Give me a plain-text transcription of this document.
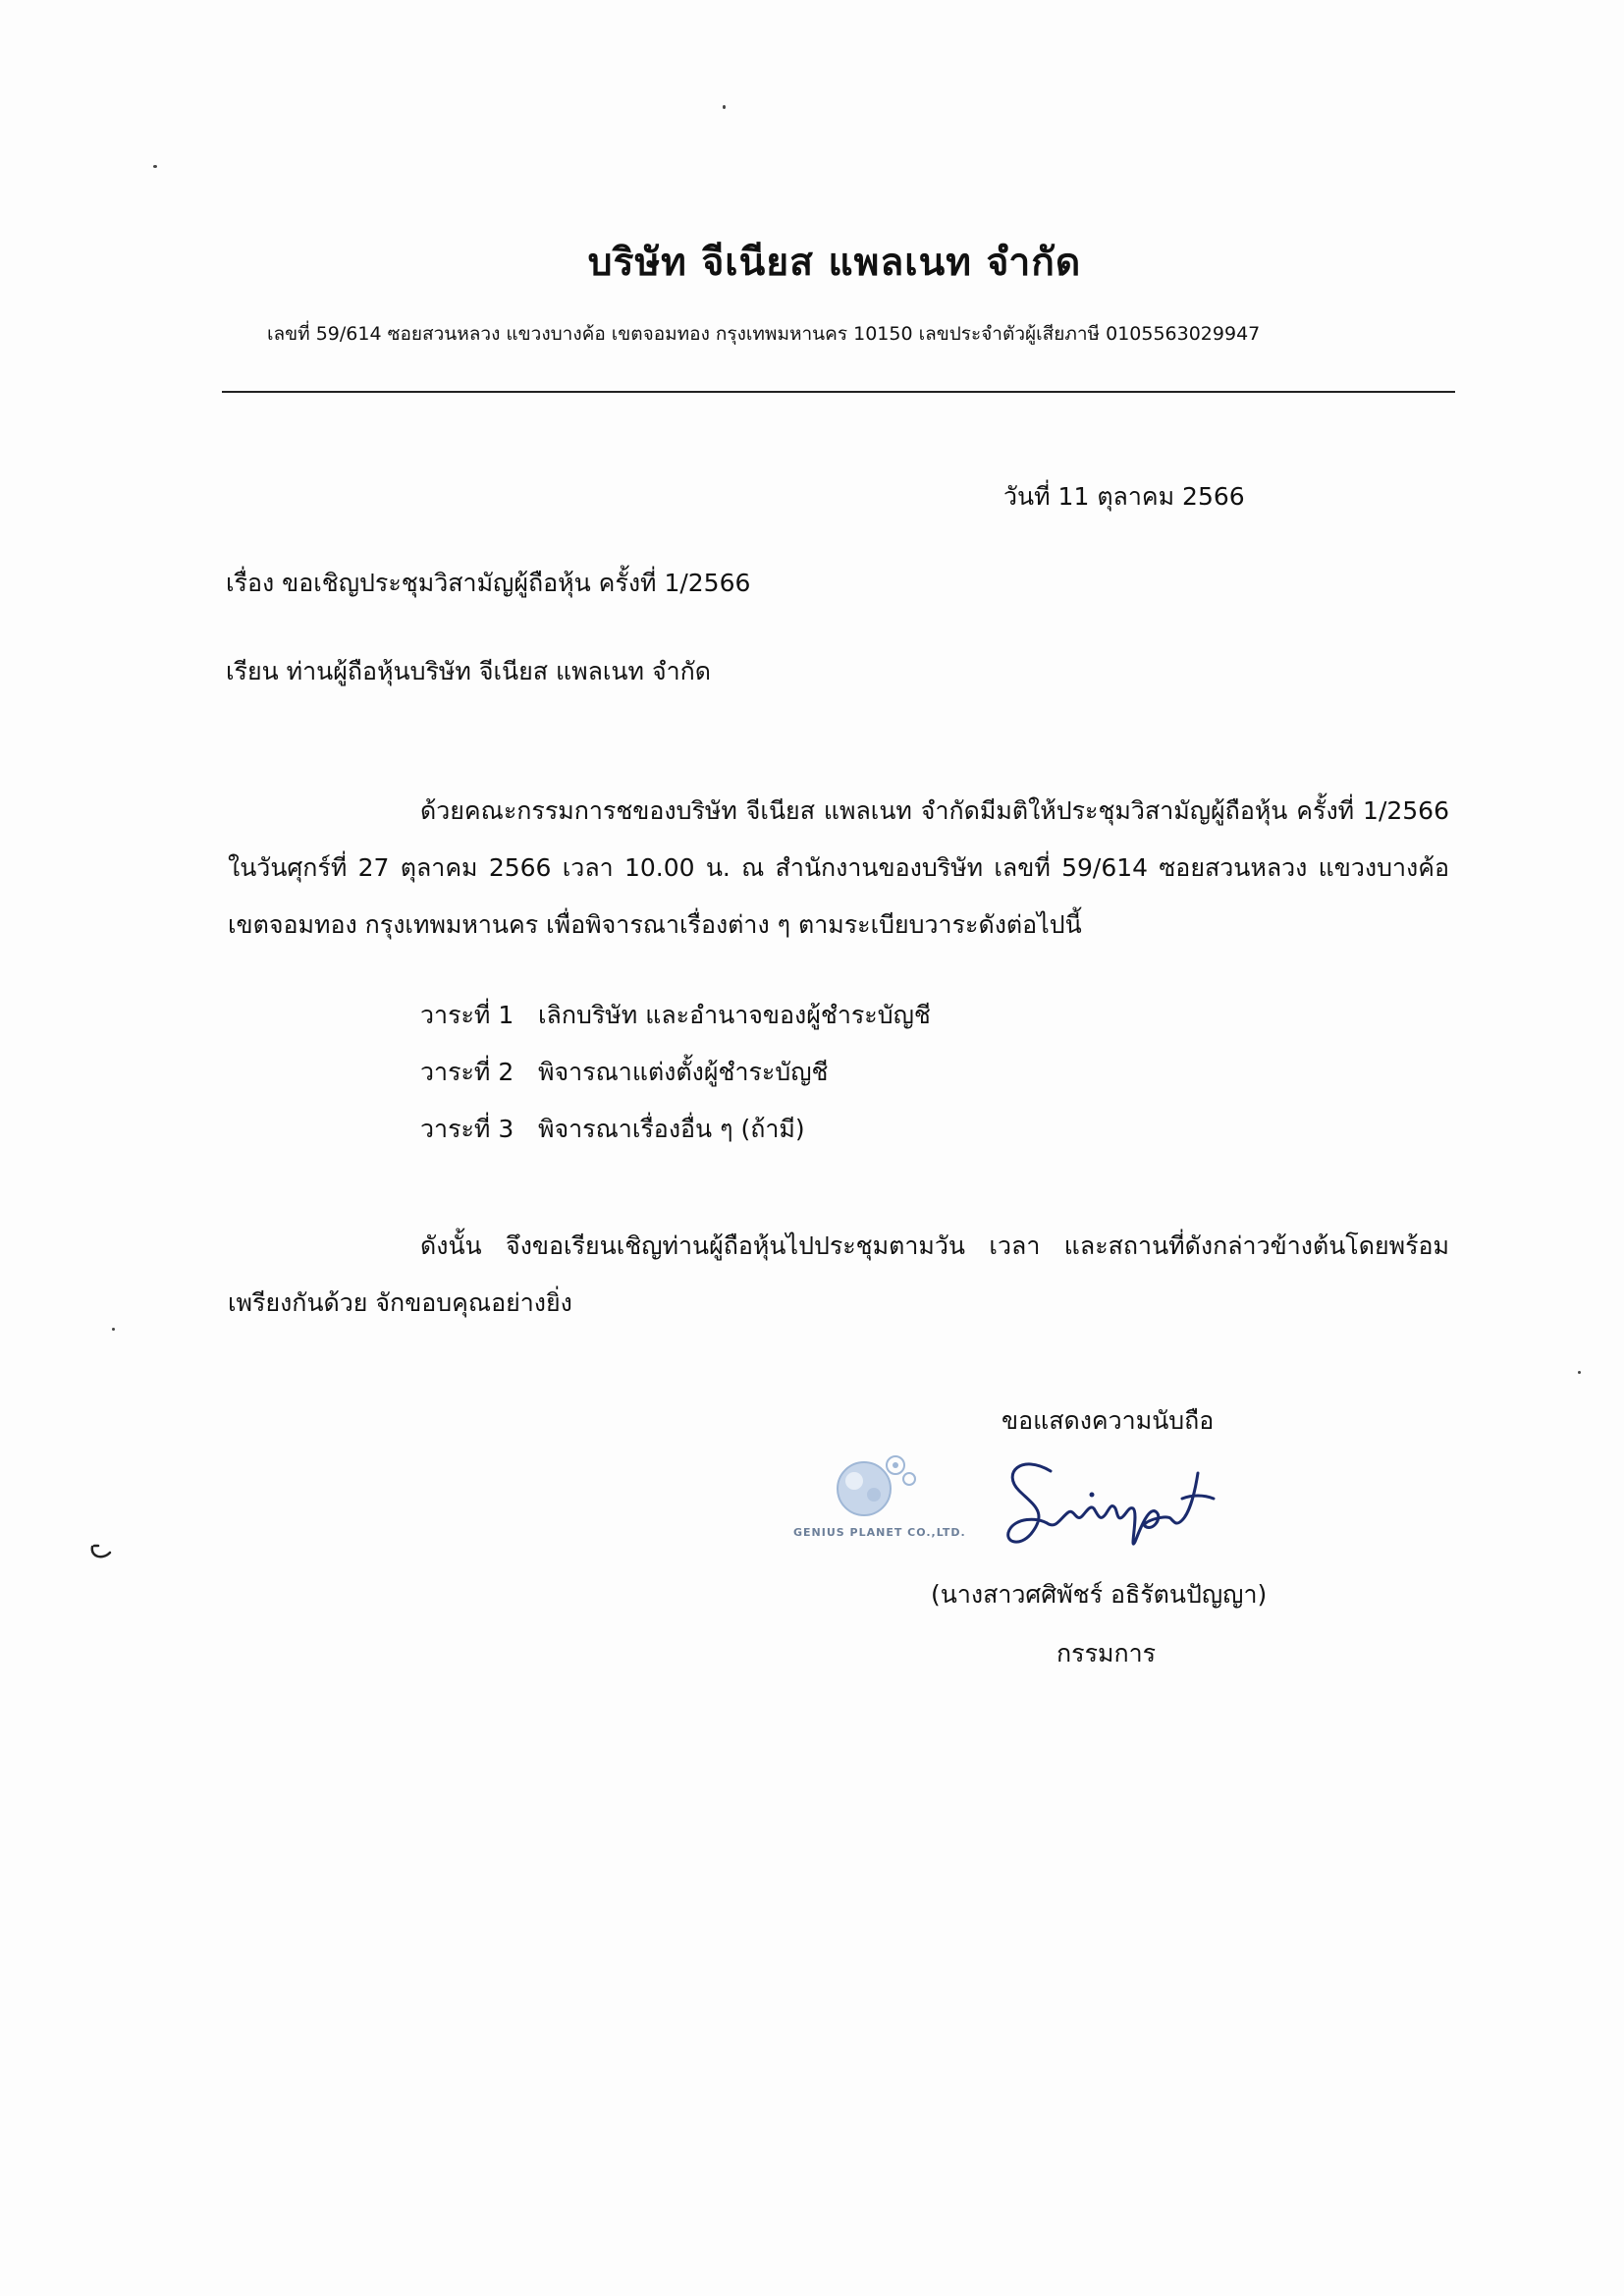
บริษัท จีเนียส แพลเนท จำกัด
เลขที่ 59/614 ซอยสวนหลวง แขวงบางค้อ เขตจอมทอง กรุงเทพมหานคร 10150 เลขประจำตัวผู้เสียภาษี 0105563029947
วันที่ 11 ตุลาคม 2566
เรื่อง ขอเชิญประชุมวิสามัญผู้ถือหุ้น ครั้งที่ 1/2566
เรียน ท่านผู้ถือหุ้นบริษัท จีเนียส แพลเนท จำกัด
ด้วยคณะกรรมการชของบริษัท จีเนียส แพลเนท จำกัดมีมติให้ประชุมวิสามัญผู้ถือหุ้น ครั้งที่ 1/2566 ในวันศุกร์ที่ 27 ตุลาคม 2566 เวลา 10.00 น. ณ สำนักงานของบริษัท เลขที่ 59/614 ซอยสวนหลวง แขวงบางค้อ เขตจอมทอง กรุงเทพมหานคร เพื่อพิจารณาเรื่องต่าง ๆ ตามระเบียบวาระดังต่อไปนี้
วาระที่ 1 เลิกบริษัท และอำนาจของผู้ชำระบัญชี
วาระที่ 2 พิจารณาแต่งตั้งผู้ชำระบัญชี
วาระที่ 3 พิจารณาเรื่องอื่น ๆ (ถ้ามี)
ดังนั้น จึงขอเรียนเชิญท่านผู้ถือหุ้นไปประชุมตามวัน เวลา และสถานที่ดังกล่าวข้างต้นโดยพร้อมเพรียงกันด้วย จักขอบคุณอย่างยิ่ง
ขอแสดงความนับถือ
GENIUS PLANET CO.,LTD.
(นางสาวศศิพัชร์ อธิรัตนปัญญา)
กรรมการ
